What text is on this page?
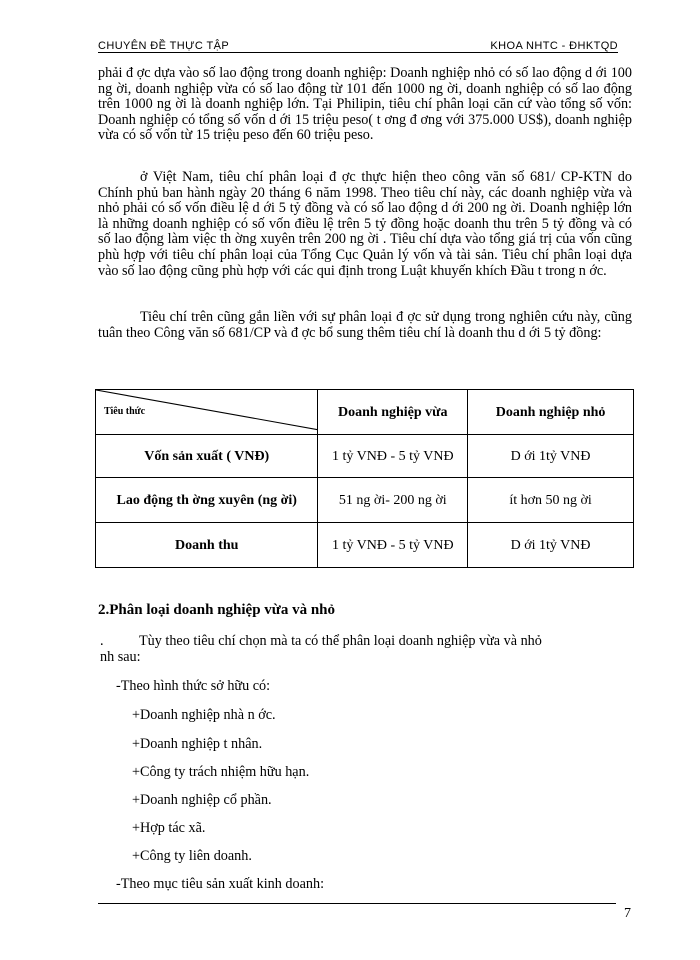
CHUYÊN ĐỀ THỰC TẬP	KHOA NHTC - ĐHKTQD

phải đ ợc dựa vào số lao động trong doanh nghiệp: Doanh nghiệp nhỏ có số lao động d ới 100 ng ời, doanh nghiệp vừa có số lao động từ 101 đến 1000 ng ời, doanh nghiệp có số lao động trên 1000 ng ời là doanh nghiệp lớn. Tại Philipin, tiêu chí phân loại căn cứ vào tổng số vốn: Doanh nghiệp có tổng số vốn d ới 15 triệu peso( t ơng đ ơng với 375.000 US$), doanh nghiệp vừa có số vốn từ 15 triệu peso đến 60 triệu peso.

ở Việt Nam, tiêu chí phân loại đ ợc thực hiện theo công văn số 681/ CP-KTN do Chính phủ ban hành ngày 20 tháng 6 năm 1998. Theo tiêu chí này, các doanh nghiệp vừa và nhỏ phải có số vốn điều lệ d ới 5 tỷ đồng và có số lao động d ới 200 ng ời. Doanh nghiệp lớn là những doanh nghiệp có số vốn điều lệ trên 5 tỷ đồng hoặc doanh thu trên 5 tỷ đồng và có số lao động làm việc th ờng xuyên trên 200 ng ời . Tiêu chí dựa vào tổng giá trị của vốn cũng phù hợp với tiêu chí phân loại của Tổng Cục Quản lý vốn và tài sản. Tiêu chí phân loại dựa vào số lao động cũng phù hợp với các qui định trong Luật khuyến khích Đầu t trong n ớc.

Tiêu chí trên cũng gắn liền với sự phân loại đ ợc sử dụng trong nghiên cứu này, cũng tuân theo Công văn số 681/CP và đ ợc bổ sung thêm tiêu chí là doanh thu d ới 5 tỷ đồng:

Tiêu thức	Doanh nghiệp vừa	Doanh nghiệp nhỏ
Vốn sản xuất ( VNĐ)	1 tỷ VNĐ - 5 tỷ VNĐ	D ới 1tỷ VNĐ
Lao động th ờng xuyên (ng ời)	51 ng ời- 200 ng ời	ít hơn 50 ng ời
Doanh thu	1 tỷ VNĐ - 5 tỷ VNĐ	D ới 1tỷ VNĐ
2.Phân loại doanh nghiệp vừa và nhỏ
. Tùy theo tiêu chí chọn mà ta có thể phân loại doanh nghiệp vừa và nhỏ
nh sau:
-Theo hình thức sở hữu có:
+Doanh nghiệp nhà n ớc.
+Doanh nghiệp t nhân.
+Công ty trách nhiệm hữu hạn.
+Doanh nghiệp cổ phần.
+Hợp tác xã.
+Công ty liên doanh.
-Theo mục tiêu sản xuất kinh doanh:
7
